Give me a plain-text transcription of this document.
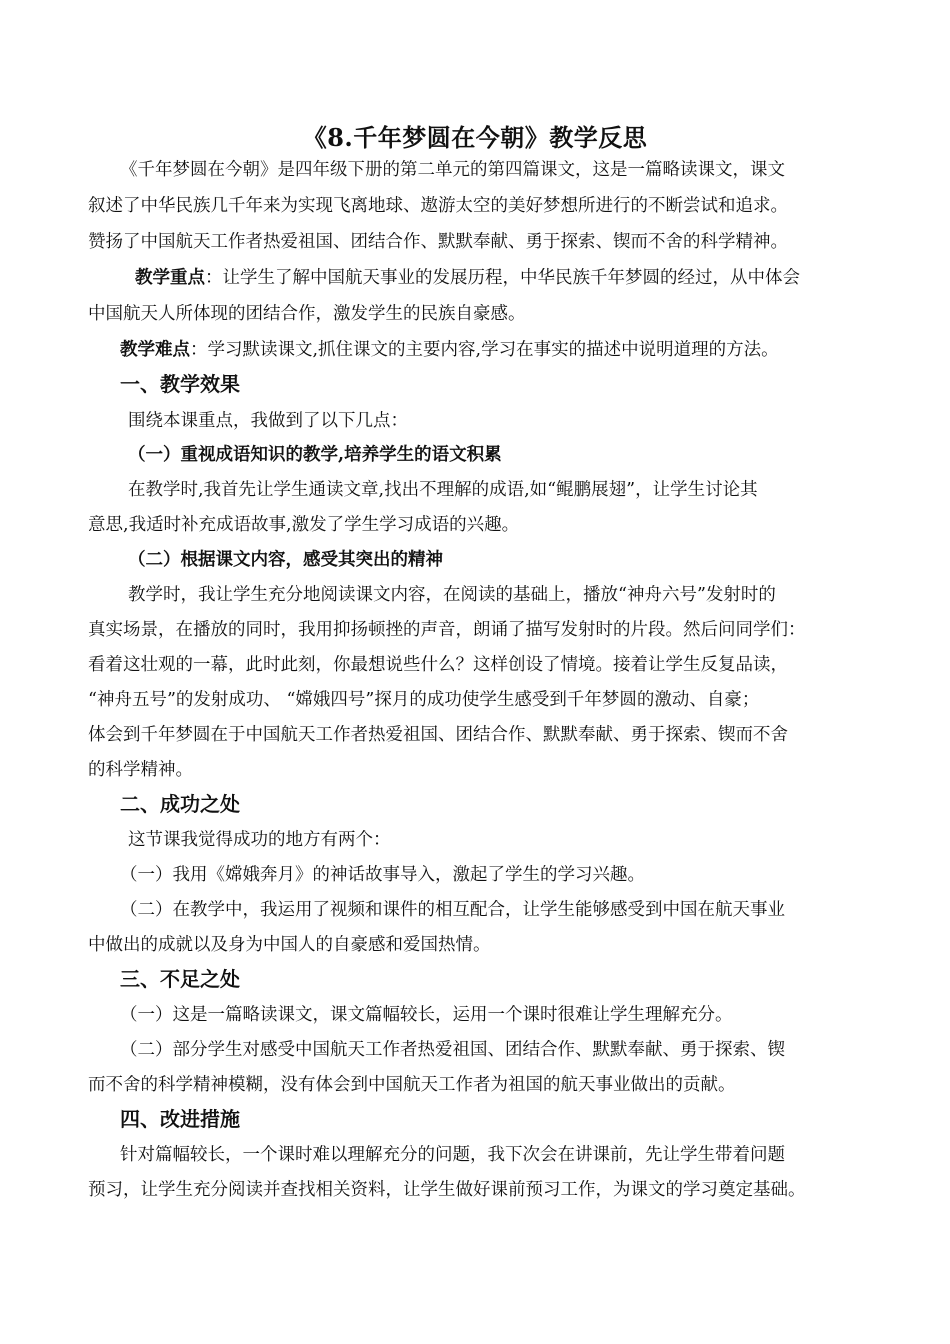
《8.千年梦圆在今朝》教学反思
《千年梦圆在今朝》是四年级下册的第二单元的第四篇课文，这是一篇略读课文，课文
叙述了中华民族几千年来为实现飞离地球、遨游太空的美好梦想所进行的不断尝试和追求。
赞扬了中国航天工作者热爱祖国、团结合作、默默奉献、勇于探索、锲而不舍的科学精神。
教学重点：让学生了解中国航天事业的发展历程，中华民族千年梦圆的经过，从中体会
中国航天人所体现的团结合作，激发学生的民族自豪感。
教学难点：学习默读课文,抓住课文的主要内容,学习在事实的描述中说明道理的方法。
一、教学效果
围绕本课重点，我做到了以下几点：
（一）重视成语知识的教学,培养学生的语文积累
在教学时,我首先让学生通读文章,找出不理解的成语,如“鲲鹏展翅”，让学生讨论其
意思,我适时补充成语故事,激发了学生学习成语的兴趣。
（二）根据课文内容，感受其突出的精神
教学时，我让学生充分地阅读课文内容，在阅读的基础上，播放“神舟六号”发射时的
真实场景，在播放的同时，我用抑扬顿挫的声音，朗诵了描写发射时的片段。然后问同学们：
看着这壮观的一幕，此时此刻，你最想说些什么？这样创设了情境。接着让学生反复品读，
“神舟五号”的发射成功、 “嫦娥四号”探月的成功使学生感受到千年梦圆的激动、自豪；
体会到千年梦圆在于中国航天工作者热爱祖国、团结合作、默默奉献、勇于探索、锲而不舍
的科学精神。
二、成功之处
这节课我觉得成功的地方有两个：
（一）我用《嫦娥奔月》的神话故事导入，激起了学生的学习兴趣。
（二）在教学中，我运用了视频和课件的相互配合，让学生能够感受到中国在航天事业
中做出的成就以及身为中国人的自豪感和爱国热情。
三、不足之处
（一）这是一篇略读课文，课文篇幅较长，运用一个课时很难让学生理解充分。
（二）部分学生对感受中国航天工作者热爱祖国、团结合作、默默奉献、勇于探索、锲
而不舍的科学精神模糊，没有体会到中国航天工作者为祖国的航天事业做出的贡献。
四、改进措施
针对篇幅较长，一个课时难以理解充分的问题，我下次会在讲课前，先让学生带着问题
预习，让学生充分阅读并查找相关资料，让学生做好课前预习工作，为课文的学习奠定基础。
